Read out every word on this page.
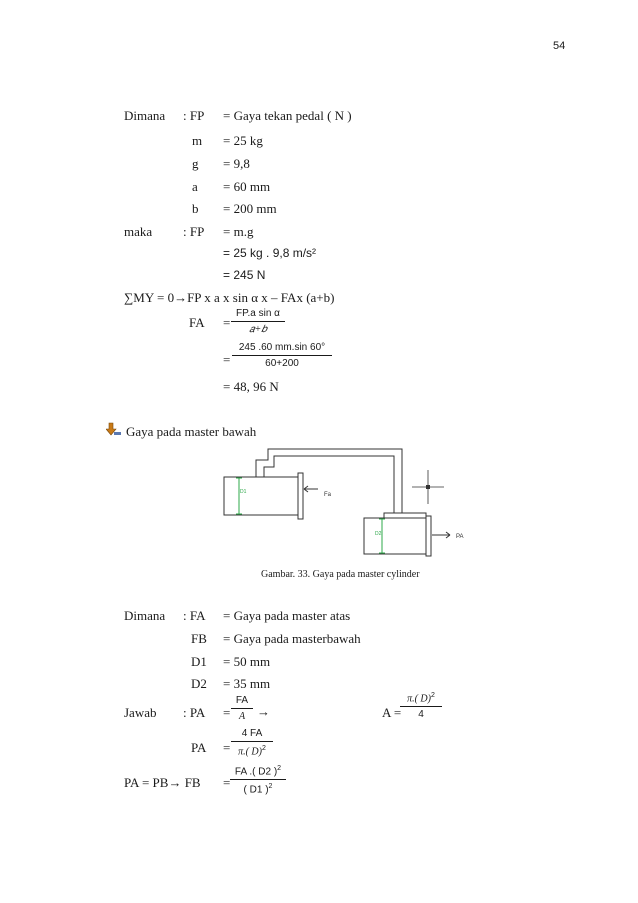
54
Dimana : FP = Gaya tekan pedal ( N )
m = 25 kg
g = 9,8
a = 60 mm
b = 200 mm
maka : FP = m.g
= 25 kg . 9,8 m/s²
= 245 N
∑MY = 0→FP x a x sin α x – FAx (a+b)
FA =
FP.a sin α
𝑎+𝑏
=
245 .60 mm.sin 60°
60+200
= 48, 96 N
Gaya pada master bawah
D1	Fa
D2	PA
Gambar. 33. Gaya pada master cylinder
Dimana : FA = Gaya pada master atas
FB = Gaya pada masterbawah
D1 = 50 mm
D2 = 35 mm
Jawab : PA =
FA
A →	A =
π.( D)$^2$
4
PA =
4 FA
π.( D)$^2$
PA = PB→ FB =
FA .( D2 )$^2$
( D1 )$^2$
